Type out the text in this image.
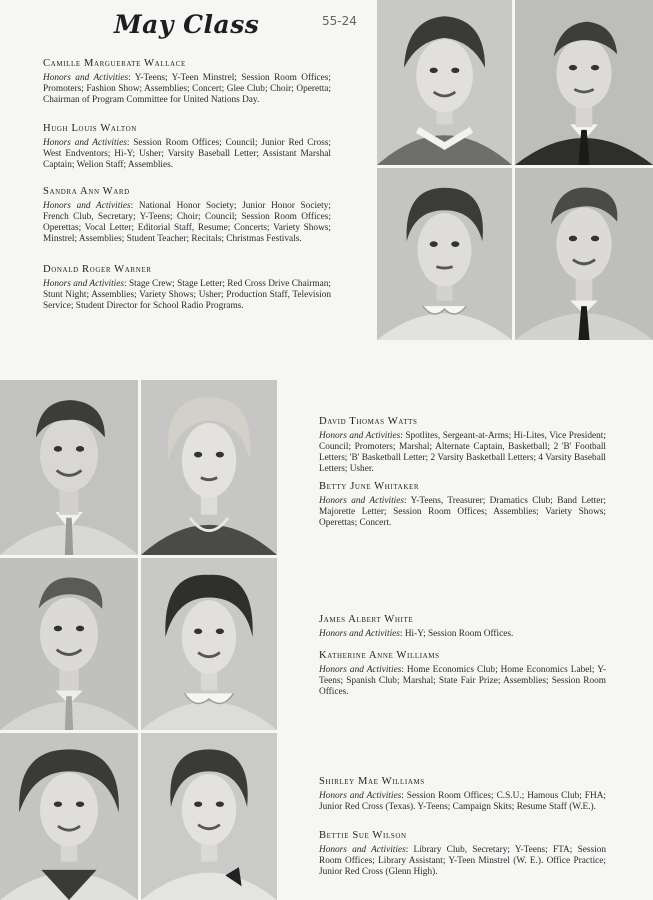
May Class	55-24
Camille Marguerate Wallace
Honors and Activities: Y-Teens; Y-Teen Minstrel; Session Room Offices; Promoters; Fashion Show; Assemblies; Concert; Glee Club; Choir; Operetta; Chairman of Program Committee for United Nations Day.
Hugh Louis Walton
Honors and Activities: Session Room Offices; Council; Junior Red Cross; West Endventors; Hi-Y; Usher; Varsity Baseball Letter; Assistant Marshal Captain; Welion Staff; Assemblies.
Sandra Ann Ward
Honors and Activities: National Honor Society; Junior Honor Society; French Club, Secretary; Y-Teens; Choir; Council; Session Room Offices; Operettas; Vocal Letter; Editorial Staff, Resume; Concerts; Variety Shows; Minstrel; Assemblies; Student Teacher; Recitals; Christmas Festivals.
Donald Roger Warner
Honors and Activities: Stage Crew; Stage Letter; Red Cross Drive Chairman; Stunt Night; Assemblies; Variety Shows; Usher; Production Staff, Television Service; Student Director for School Radio Programs.
David Thomas Watts
Honors and Activities: Spotlites, Sergeant-at-Arms; Hi-Lites, Vice President; Council; Promoters; Marshal; Alternate Captain, Basketball; 2 'B' Football Letters; 'B' Basketball Letter; 2 Varsity Basketball Letters; 4 Varsity Baseball Letters; Usher.
Betty June Whitaker
Honors and Activities: Y-Teens, Treasurer; Dramatics Club; Band Letter; Majorette Letter; Session Room Offices; Assemblies; Variety Shows; Operettas; Concert.
James Albert White
Honors and Activities: Hi-Y; Session Room Offices.
Katherine Anne Williams
Honors and Activities: Home Economics Club; Home Economics Label; Y-Teens; Spanish Club; Marshal; State Fair Prize; Assemblies; Session Room Offices.
Shirley Mae Williams
Honors and Activities: Session Room Offices; C.S.U.; Hamous Club; FHA; Junior Red Cross (Texas). Y-Teens; Campaign Skits; Resume Staff (W.E.).
Bettie Sue Wilson
Honors and Activities: Library Club, Secretary; Y-Teens; FTA; Session Room Offices; Library Assistant; Y-Teen Minstrel (W. E.). Office Practice; Junior Red Cross (Glenn High).
